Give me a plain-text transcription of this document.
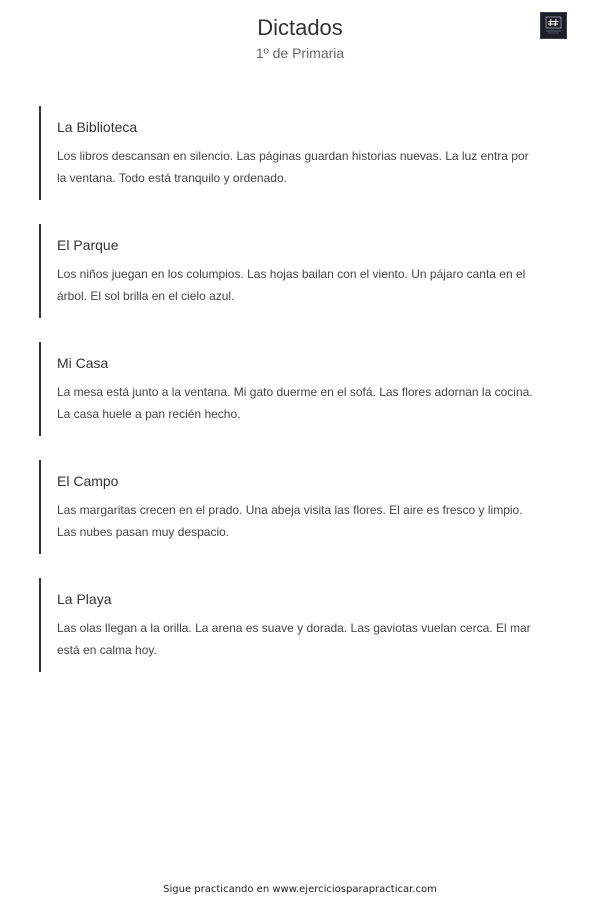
Dictados
1º de Primaria
La Biblioteca
Los libros descansan en silencio. Las páginas guardan historias nuevas. La luz entra por la ventana. Todo está tranquilo y ordenado.
El Parque
Los niños juegan en los columpios. Las hojas bailan con el viento. Un pájaro canta en el árbol. El sol brilla en el cielo azul.
Mi Casa
La mesa está junto a la ventana. Mi gato duerme en el sofá. Las flores adornan la cocina. La casa huele a pan recién hecho.
El Campo
Las margaritas crecen en el prado. Una abeja visita las flores. El aire es fresco y limpio. Las nubes pasan muy despacio.
La Playa
Las olas llegan a la orilla. La arena es suave y dorada. Las gaviotas vuelan cerca. El mar está en calma hoy.
Sigue practicando en www.ejerciciosparapracticar.com
